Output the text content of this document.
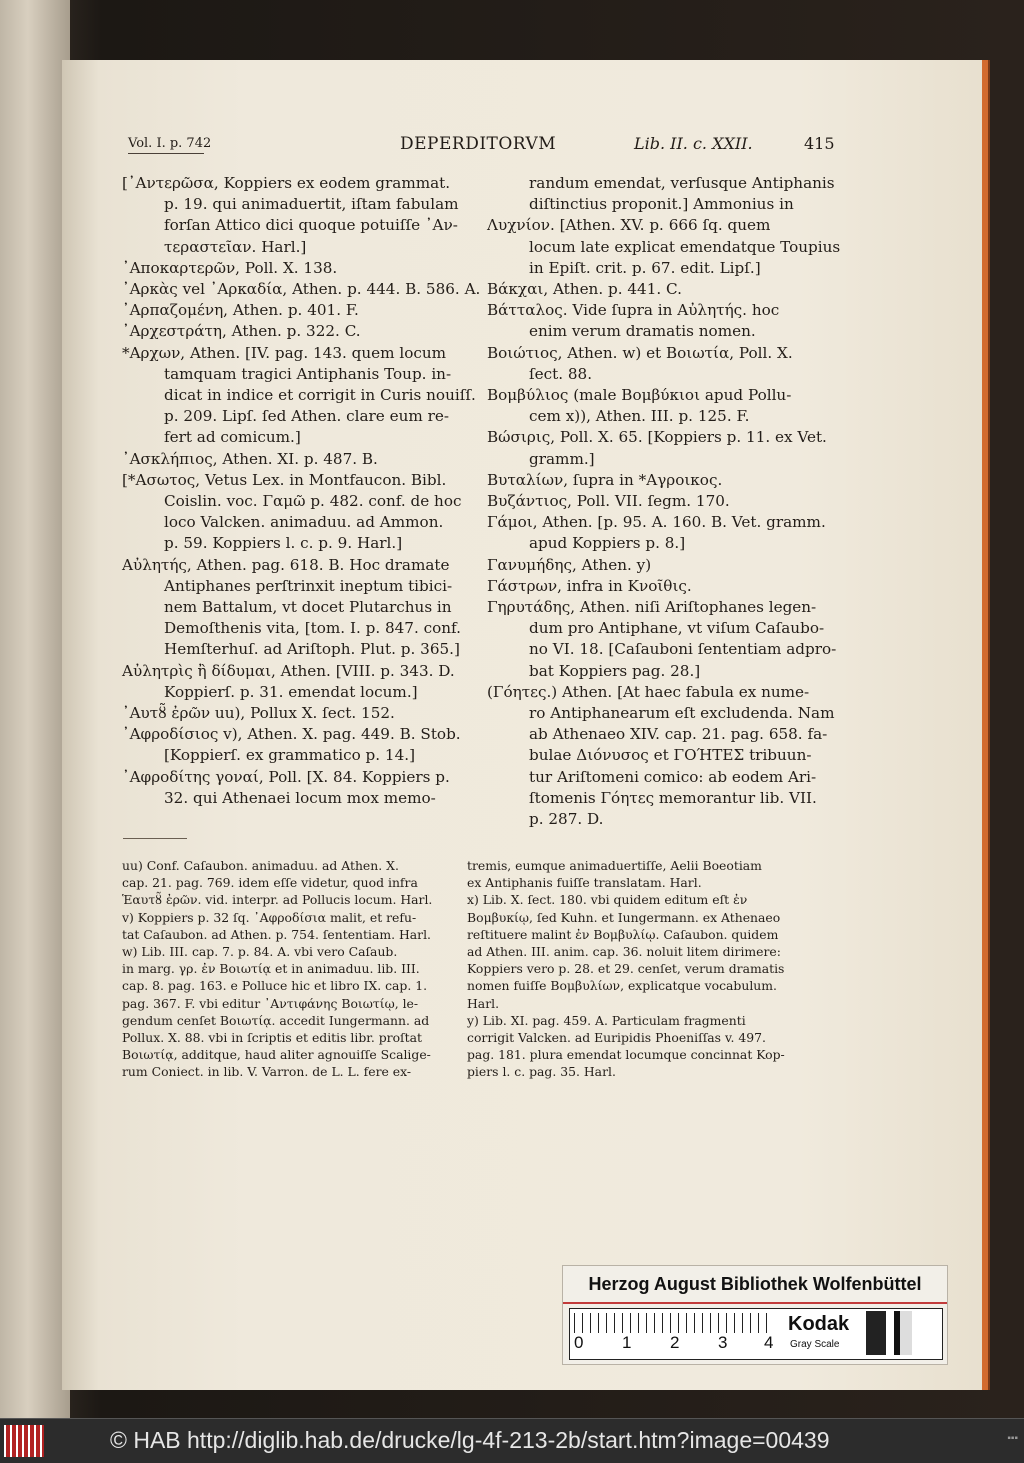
Vol. I. p. 742	DEPERDITORVM	Lib. II. c. XXII.	415
[᾿Αντερῶσα, Koppiers ex eodem grammat.
p. 19. qui animaduertit, iſtam fabulam
forſan Attico dici quoque potuiſſe ᾿Αν-
τεραστεῖαν. Harl.]
᾿Αποκαρτερῶν, Poll. X. 138.
᾿Αρκὰς vel ᾿Αρκαδία, Athen. p. 444. B. 586. A.
᾿Αρπαζομένη, Athen. p. 401. F.
᾿Αρχεστράτη, Athen. p. 322. C.
*Αρχων, Athen. [IV. pag. 143. quem locum
tamquam tragici Antiphanis Toup. in-
dicat in indice et corrigit in Curis nouiſſ.
p. 209. Lipſ. ſed Athen. clare eum re-
fert ad comicum.]
᾿Ασκλήπιος, Athen. XI. p. 487. B.
[*Ασωτος, Vetus Lex. in Montfaucon. Bibl.
Coislin. voc. Γαμῶ p. 482. conf. de hoc
loco Valcken. animaduu. ad Ammon.
p. 59. Koppiers l. c. p. 9. Harl.]
Αὐλητής, Athen. pag. 618. B. Hoc dramate
Antiphanes perſtrinxit ineptum tibici-
nem Battalum, vt docet Plutarchus in
Demoſthenis vita, [tom. I. p. 847. conf.
Hemſterhuſ. ad Ariſtoph. Plut. p. 365.]
Αὐλητρὶς ἢ δίδυμαι, Athen. [VIII. p. 343. D.
Koppierſ. p. 31. emendat locum.]
᾿Αυτȣ̃ ἐρῶν uu), Pollux X. ſect. 152.
᾿Αφροδίσιος v), Athen. X. pag. 449. B. Stob.
[Koppierſ. ex grammatico p. 14.]
᾿Αφροδίτης γοναί, Poll. [X. 84. Koppiers p.
32. qui Athenaei locum mox memo-
randum emendat, verſusque Antiphanis
diſtinctius proponit.] Ammonius in
Λυχνίον. [Athen. XV. p. 666 ſq. quem
locum late explicat emendatque Toupius
in Epiſt. crit. p. 67. edit. Lipſ.]
Βάκχαι, Athen. p. 441. C.
Βάτταλος. Vide ſupra in Αὐλητής. hoc
enim verum dramatis nomen.
Βοιώτιος, Athen. w) et Βοιωτία, Poll. X.
ſect. 88.
Βομβύλιος (male Βομβύκιοι apud Pollu-
cem x)), Athen. III. p. 125. F.
Βώσιρις, Poll. X. 65. [Koppiers p. 11. ex Vet.
gramm.]
Βυταλίων, ſupra in *Αγροικος.
Βυζάντιος, Poll. VII. ſegm. 170.
Γάμοι, Athen. [p. 95. A. 160. B. Vet. gramm.
apud Koppiers p. 8.]
Γανυμήδης, Athen. y)
Γάστρων, infra in Κνοῖθις.
Γηρυτάδης, Athen. niſi Ariſtophanes legen-
dum pro Antiphane, vt viſum Caſaubo-
no VI. 18. [Caſauboni ſententiam adpro-
bat Koppiers pag. 28.]
(Γόητες.) Athen. [At haec fabula ex nume-
ro Antiphanearum eſt excludenda. Nam
ab Athenaeo XIV. cap. 21. pag. 658. fa-
bulae Διόνυσος et ΓΟΉΤΕΣ tribuun-
tur Ariſtomeni comico: ab eodem Ari-
ſtomenis Γόητες memorantur lib. VII.
p. 287. D.
uu) Conf. Caſaubon. animaduu. ad Athen. X.
cap. 21. pag. 769. idem eſſe videtur, quod infra
Ἑαυτȣ̃ ἐρῶν. vid. interpr. ad Pollucis locum. Harl.
v) Koppiers p. 32 ſq. ᾿Αφροδίσια malit, et refu-
tat Caſaubon. ad Athen. p. 754. ſententiam. Harl.
w) Lib. III. cap. 7. p. 84. A. vbi vero Caſaub.
in marg. γρ. ἐν Βοιωτίᾳ et in animaduu. lib. III.
cap. 8. pag. 163. e Polluce hic et libro IX. cap. 1.
pag. 367. F. vbi editur ᾿Αντιφάνης Βοιωτίῳ, le-
gendum cenſet Βοιωτίᾳ. accedit Iungermann. ad
Pollux. X. 88. vbi in ſcriptis et editis libr. proſtat
Βοιωτίᾳ, additque, haud aliter agnouiſſe Scalige-
rum Coniect. in lib. V. Varron. de L. L. fere ex-
tremis, eumque animaduertiſſe, Aelii Boeotiam
ex Antiphanis fuiſſe translatam. Harl.
x) Lib. X. ſect. 180. vbi quidem editum eſt ἐν
Βομβυκίῳ, ſed Kuhn. et Iungermann. ex Athenaeo
reſtituere malint ἐν Βομβυλίῳ. Caſaubon. quidem
ad Athen. III. anim. cap. 36. noluit litem dirimere:
Koppiers vero p. 28. et 29. cenſet, verum dramatis
nomen fuiſſe Βομβυλίων, explicatque vocabulum.
Harl.
y) Lib. XI. pag. 459. A. Particulam fragmenti
corrigit Valcken. ad Euripidis Phoeniſſas v. 497.
pag. 181. plura emendat locumque concinnat Kop-
piers l. c. pag. 35. Harl.
Herzog August Bibliothek Wolfenbüttel
0 1 2 3 4
Kodak
Gray Scale
© HAB http://diglib.hab.de/drucke/lg-4f-213-2b/start.htm?image=00439	▪▪▪
